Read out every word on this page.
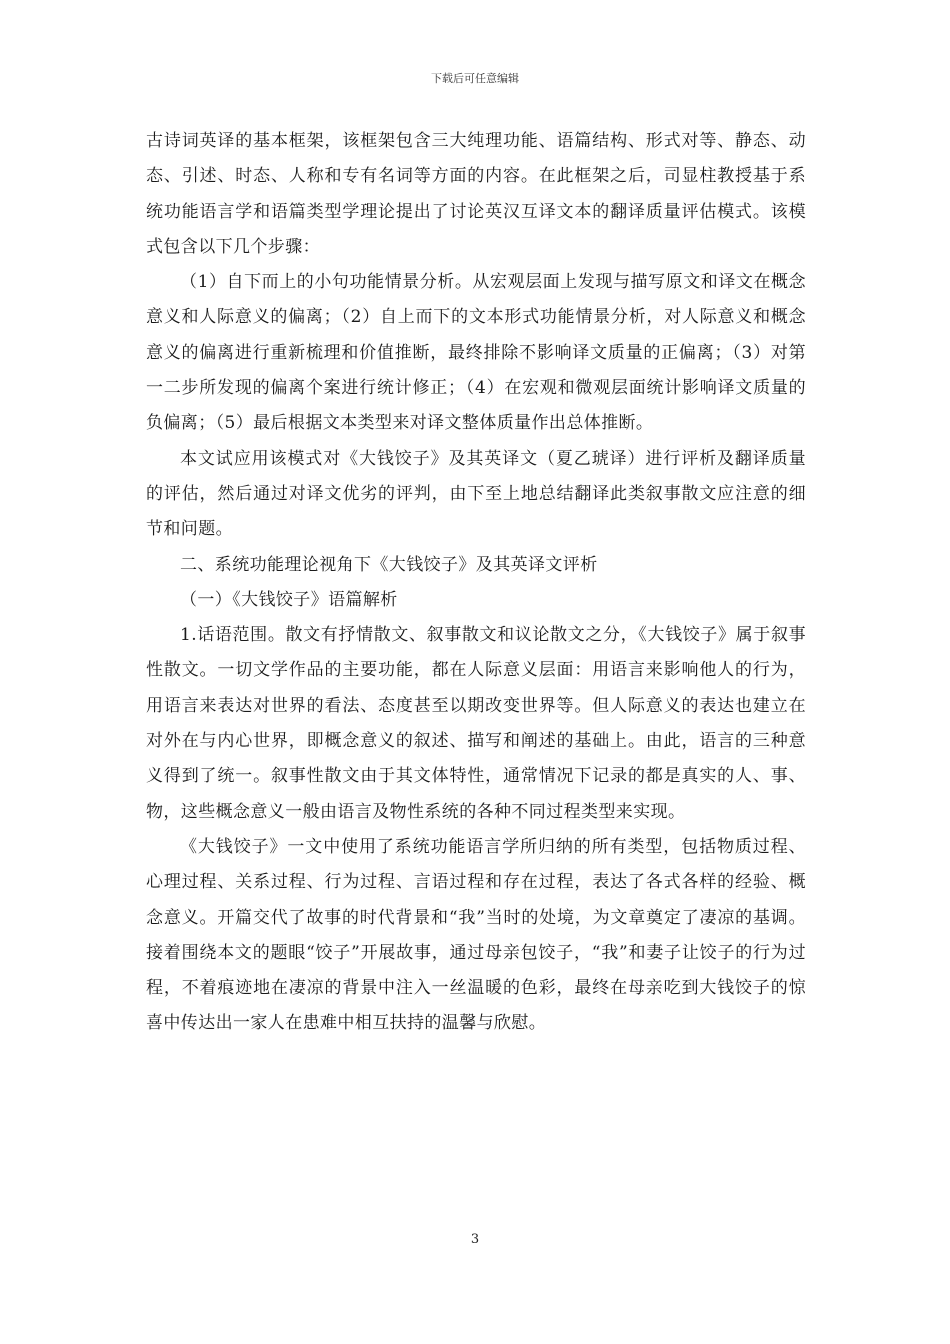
下载后可任意编辑

古诗词英译的基本框架，该框架包含三大纯理功能、语篇结构、形式对等、静态、动态、引述、时态、人称和专有名词等方面的内容。在此框架之后，司显柱教授基于系统功能语言学和语篇类型学理论提出了讨论英汉互译文本的翻译质量评估模式。该模式包含以下几个步骤：

（1）自下而上的小句功能情景分析。从宏观层面上发现与描写原文和译文在概念意义和人际意义的偏离；（2）自上而下的文本形式功能情景分析，对人际意义和概念意义的偏离进行重新梳理和价值推断，最终排除不影响译文质量的正偏离；（3）对第一二步所发现的偏离个案进行统计修正；（4）在宏观和微观层面统计影响译文质量的负偏离；（5）最后根据文本类型来对译文整体质量作出总体推断。

本文试应用该模式对《大钱饺子》及其英译文（夏乙琥译）进行评析及翻译质量的评估，然后通过对译文优劣的评判，由下至上地总结翻译此类叙事散文应注意的细节和问题。

二、系统功能理论视角下《大钱饺子》及其英译文评析

（一）《大钱饺子》语篇解析

1.话语范围。散文有抒情散文、叙事散文和议论散文之分，《大钱饺子》属于叙事性散文。一切文学作品的主要功能，都在人际意义层面：用语言来影响他人的行为，用语言来表达对世界的看法、态度甚至以期改变世界等。但人际意义的表达也建立在对外在与内心世界，即概念意义的叙述、描写和阐述的基础上。由此，语言的三种意义得到了统一。叙事性散文由于其文体特性，通常情况下记录的都是真实的人、事、物，这些概念意义一般由语言及物性系统的各种不同过程类型来实现。

《大钱饺子》一文中使用了系统功能语言学所归纳的所有类型，包括物质过程、心理过程、关系过程、行为过程、言语过程和存在过程，表达了各式各样的经验、概念意义。开篇交代了故事的时代背景和“我”当时的处境，为文章奠定了凄凉的基调。接着围绕本文的题眼“饺子”开展故事，通过母亲包饺子，“我”和妻子让饺子的行为过程，不着痕迹地在凄凉的背景中注入一丝温暖的色彩，最终在母亲吃到大钱饺子的惊喜中传达出一家人在患难中相互扶持的温馨与欣慰。

3
